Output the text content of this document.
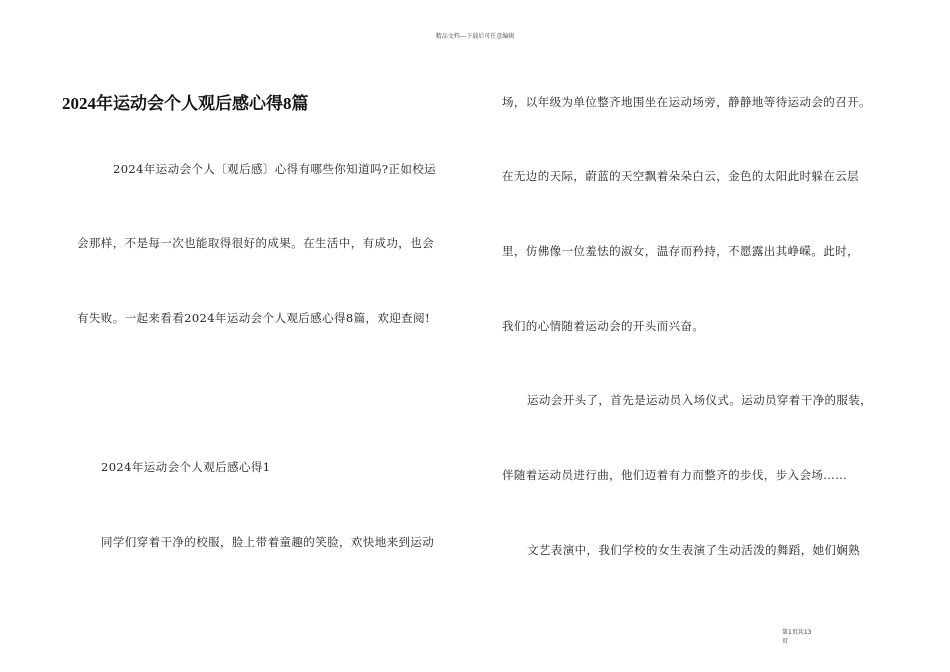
精品文档---下载后可任意编辑
2024年运动会个人观后感心得8篇
2024年运动会个人〔观后感〕心得有哪些你知道吗?正如校运
会那样，不是每一次也能取得很好的成果。在生活中，有成功，也会
有失败。一起来看看2024年运动会个人观后感心得8篇，欢迎查阅!
2024年运动会个人观后感心得1
同学们穿着干净的校服，脸上带着童趣的笑脸，欢快地来到运动
场，以年级为单位整齐地围坐在运动场旁，静静地等待运动会的召开。
在无边的天际，蔚蓝的天空飘着朵朵白云，金色的太阳此时躲在云层
里，仿佛像一位羞怯的淑女，温存而矜持，不愿露出其峥嵘。此时，
我们的心情随着运动会的开头而兴奋。
运动会开头了，首先是运动员入场仪式。运动员穿着干净的服装，
伴随着运动员进行曲，他们迈着有力而整齐的步伐，步入会场……
文艺表演中，我们学校的女生表演了生动活泼的舞蹈，她们娴熟
第1页共13
页
